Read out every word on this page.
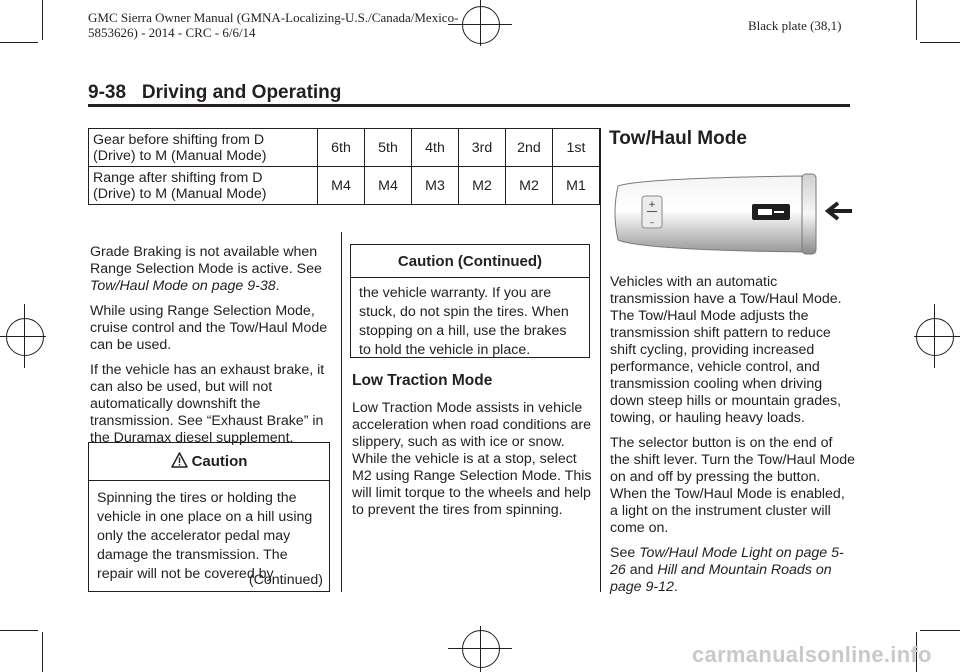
GMC Sierra Owner Manual (GMNA-Localizing-U.S./Canada/Mexico-
5853626) - 2014 - CRC - 6/6/14	Black plate (38,1)
9-38 Driving and Operating
Gear before shifting from D
(Drive) to M (Manual Mode)	6th	5th	4th	3rd	2nd	1st

Range after shifting from D
(Drive) to M (Manual Mode)	M4	M4	M3	M2	M2	M1

Grade Braking is not available when Range Selection Mode is active. See Tow/Haul Mode on page 9-38.

While using Range Selection Mode, cruise control and the Tow/Haul Mode can be used.

If the vehicle has an exhaust brake, it can also be used, but will not automatically downshift the transmission. See “Exhaust Brake” in the Duramax diesel supplement.

Caution
Spinning the tires or holding the vehicle in one place on a hill using only the accelerator pedal may damage the transmission. The repair will not be covered by
(Continued)
Caution (Continued)
the vehicle warranty. If you are stuck, do not spin the tires. When stopping on a hill, use the brakes to hold the vehicle in place.
Low Traction Mode
Low Traction Mode assists in vehicle acceleration when road conditions are slippery, such as with ice or snow. While the vehicle is at a stop, select M2 using Range Selection Mode. This will limit torque to the wheels and help to prevent the tires from spinning.
Tow/Haul Mode
+
–

Vehicles with an automatic transmission have a Tow/Haul Mode. The Tow/Haul Mode adjusts the transmission shift pattern to reduce shift cycling, providing increased performance, vehicle control, and transmission cooling when driving down steep hills or mountain grades, towing, or hauling heavy loads.

The selector button is on the end of the shift lever. Turn the Tow/Haul Mode on and off by pressing the button. When the Tow/Haul Mode is enabled, a light on the instrument cluster will come on.

See Tow/Haul Mode Light on page 5-26 and Hill and Mountain Roads on page 9-12.

carmanualsonline.info
